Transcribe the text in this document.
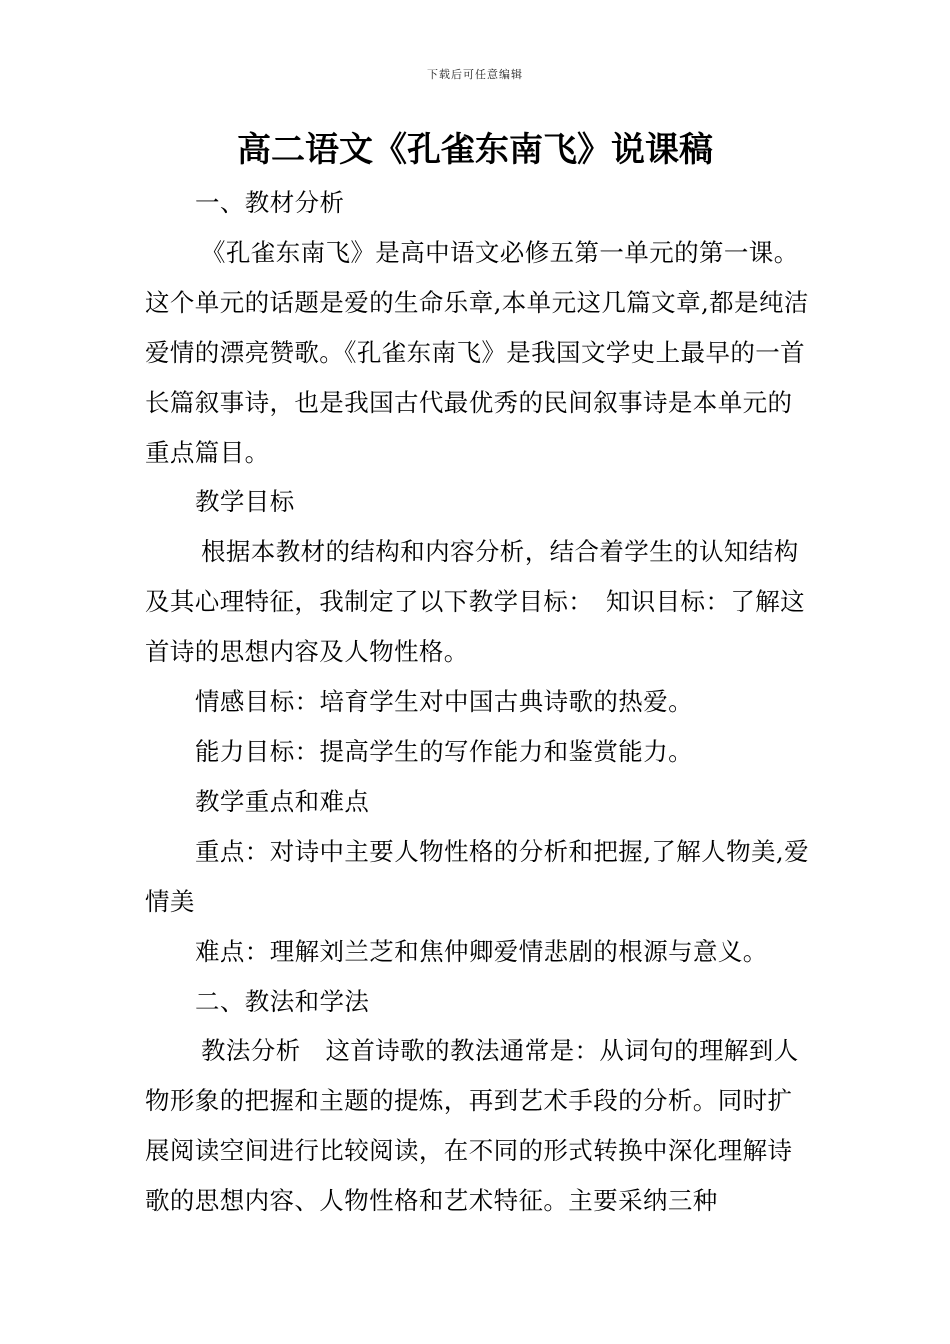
下载后可任意编辑
高二语文《孔雀东南飞》说课稿

一、教材分析

《孔雀东南飞》是高中语文必修五第一单元的第一课。这个单元的话题是爱的生命乐章,本单元这几篇文章,都是纯洁爱情的漂亮赞歌。《孔雀东南飞》是我国文学史上最早的一首长篇叙事诗，也是我国古代最优秀的民间叙事诗是本单元的重点篇目。

教学目标

根据本教材的结构和内容分析，结合着学生的认知结构及其心理特征，我制定了以下教学目标：　知识目标：了解这首诗的思想内容及人物性格。

情感目标：培育学生对中国古典诗歌的热爱。

能力目标：提高学生的写作能力和鉴赏能力。

教学重点和难点

重点：对诗中主要人物性格的分析和把握,了解人物美,爱情美

难点：理解刘兰芝和焦仲卿爱情悲剧的根源与意义。

二、教法和学法

教法分析　这首诗歌的教法通常是：从词句的理解到人物形象的把握和主题的提炼，再到艺术手段的分析。同时扩展阅读空间进行比较阅读，在不同的形式转换中深化理解诗歌的思想内容、人物性格和艺术特征。主要采纳三种
